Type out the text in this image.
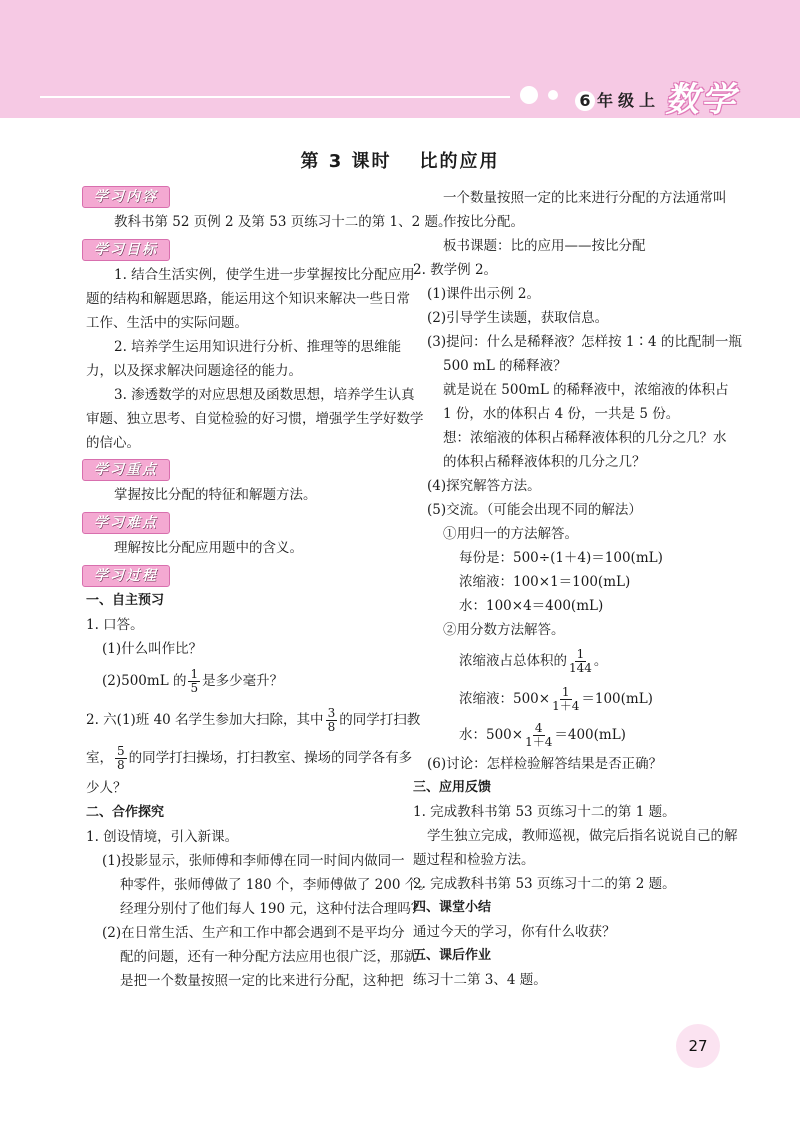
6 年级上 数学
第 3 课时 比的应用
学习内容
教科书第 52 页例 2 及第 53 页练习十二的第 1、2 题。
学习目标
1. 结合生活实例，使学生进一步掌握按比分配应用
题的结构和解题思路，能运用这个知识来解决一些日常
工作、生活中的实际问题。
2. 培养学生运用知识进行分析、推理等的思维能
力，以及探求解决问题途径的能力。
3. 渗透数学的对应思想及函数思想，培养学生认真
审题、独立思考、自觉检验的好习惯，增强学生学好数学
的信心。
学习重点
掌握按比分配的特征和解题方法。
学习难点
理解按比分配应用题中的含义。
学习过程
一、自主预习
1. 口答。
(1)什么叫作比？
(2)500mL 的 $\frac{1}{5}$ 是多少毫升？
2. 六(1)班 40 名学生参加大扫除，其中 $\frac{3}{8}$ 的同学打扫教
室， $\frac{5}{8}$ 的同学打扫操场，打扫教室、操场的同学各有多
少人？
二、合作探究
1. 创设情境，引入新课。
(1)投影显示，张师傅和李师傅在同一时间内做同一
种零件，张师傅做了 180 个，李师傅做了 200 个。
经理分别付了他们每人 190 元，这种付法合理吗？
(2)在日常生活、生产和工作中都会遇到不是平均分
配的问题，还有一种分配方法应用也很广泛，那就
是把一个数量按照一定的比来进行分配，这种把
一个数量按照一定的比来进行分配的方法通常叫
作按比分配。
板书课题：比的应用——按比分配
2. 教学例 2。
(1)课件出示例 2。
(2)引导学生读题，获取信息。
(3)提问：什么是稀释液？怎样按 1∶4 的比配制一瓶
500 mL 的稀释液？
就是说在 500mL 的稀释液中，浓缩液的体积占
1 份，水的体积占 4 份，一共是 5 份。
想：浓缩液的体积占稀释液体积的几分之几？水
的体积占稀释液体积的几分之几？
(4)探究解答方法。
(5)交流。（可能会出现不同的解法）
①用归一的方法解答。
每份是：500÷(1＋4)＝100(mL)
浓缩液：100×1＝100(mL)
水：100×4＝400(mL)
②用分数方法解答。
浓缩液占总体积的 $\frac{1}{144}$ 。
浓缩液：$500\times \frac{1}{1+4} =100(mL)$
水：$500\times \frac{4}{1+4} =400(mL)$
(6)讨论：怎样检验解答结果是否正确？
三、应用反馈
1. 完成教科书第 53 页练习十二的第 1 题。
学生独立完成，教师巡视，做完后指名说说自己的解
题过程和检验方法。
2. 完成教科书第 53 页练习十二的第 2 题。
四、课堂小结
通过今天的学习，你有什么收获？
五、课后作业
练习十二第 3、4 题。
27
